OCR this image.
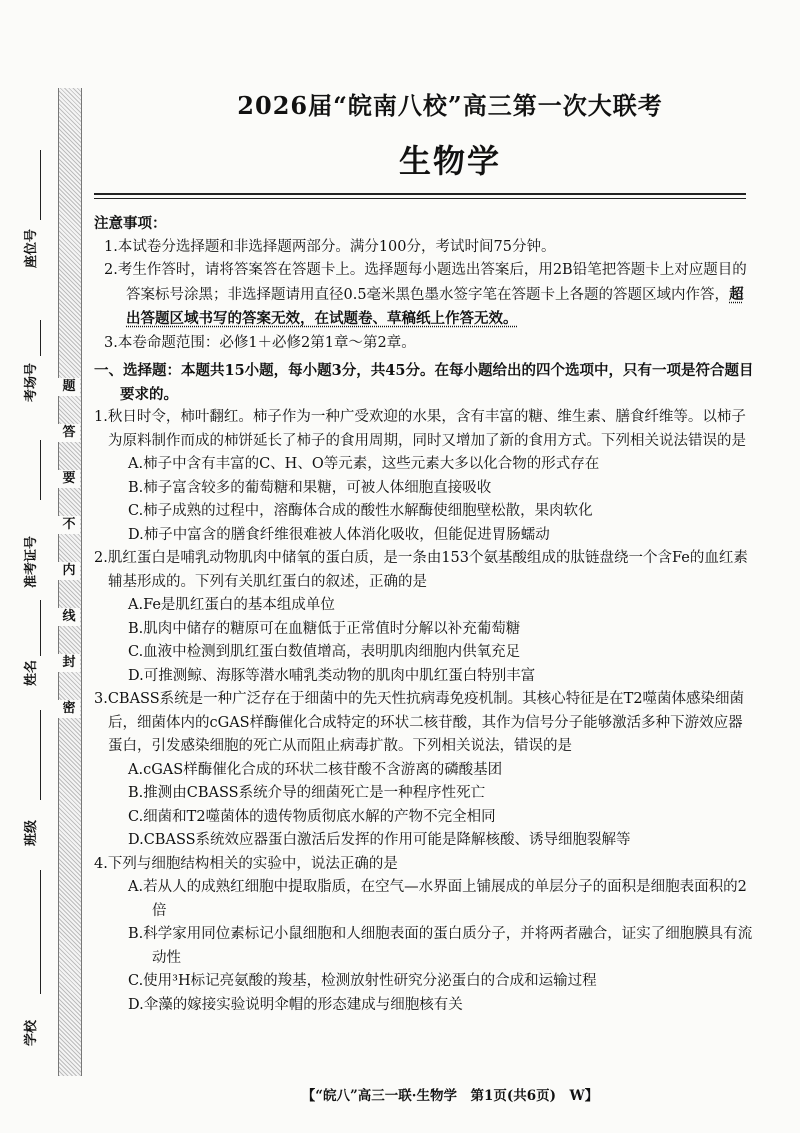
题
答
要
不
内
线
封
密
座位号
考场号
准考证号
姓名
班级
学校
2026届“皖南八校”高三第一次大联考
生物学

注意事项：

1.本试卷分选择题和非选择题两部分。满分100分，考试时间75分钟。

2.考生作答时，请将答案答在答题卡上。选择题每小题选出答案后，用2B铅笔把答题卡上对应题目的答案标号涂黑；非选择题请用直径0.5毫米黑色墨水签字笔在答题卡上各题的答题区域内作答，超出答题区域书写的答案无效，在试题卷、草稿纸上作答无效。

3.本卷命题范围：必修1＋必修2第1章～第2章。

一、选择题：本题共15小题，每小题3分，共45分。在每小题给出的四个选项中，只有一项是符合题目要求的。
1.秋日时令，柿叶翻红。柿子作为一种广受欢迎的水果，含有丰富的糖、维生素、膳食纤维等。以柿子为原料制作而成的柿饼延长了柿子的食用周期，同时又增加了新的食用方式。下列相关说法错误的是
A.柿子中含有丰富的C、H、O等元素，这些元素大多以化合物的形式存在
B.柿子富含较多的葡萄糖和果糖，可被人体细胞直接吸收
C.柿子成熟的过程中，溶酶体合成的酸性水解酶使细胞壁松散，果肉软化
D.柿子中富含的膳食纤维很难被人体消化吸收，但能促进胃肠蠕动
2.肌红蛋白是哺乳动物肌肉中储氧的蛋白质，是一条由153个氨基酸组成的肽链盘绕一个含Fe的血红素辅基形成的。下列有关肌红蛋白的叙述，正确的是
A.Fe是肌红蛋白的基本组成单位
B.肌肉中储存的糖原可在血糖低于正常值时分解以补充葡萄糖
C.血液中检测到肌红蛋白数值增高，表明肌肉细胞内供氧充足
D.可推测鲸、海豚等潜水哺乳类动物的肌肉中肌红蛋白特别丰富
3.CBASS系统是一种广泛存在于细菌中的先天性抗病毒免疫机制。其核心特征是在T2噬菌体感染细菌后，细菌体内的cGAS样酶催化合成特定的环状二核苷酸，其作为信号分子能够激活多种下游效应器蛋白，引发感染细胞的死亡从而阻止病毒扩散。下列相关说法，错误的是
A.cGAS样酶催化合成的环状二核苷酸不含游离的磷酸基团
B.推测由CBASS系统介导的细菌死亡是一种程序性死亡
C.细菌和T2噬菌体的遗传物质彻底水解的产物不完全相同
D.CBASS系统效应器蛋白激活后发挥的作用可能是降解核酸、诱导细胞裂解等
4.下列与细胞结构相关的实验中，说法正确的是
A.若从人的成熟红细胞中提取脂质，在空气—水界面上铺展成的单层分子的面积是细胞表面积的2倍
B.科学家用同位素标记小鼠细胞和人细胞表面的蛋白质分子，并将两者融合，证实了细胞膜具有流动性
C.使用³H标记亮氨酸的羧基，检测放射性研究分泌蛋白的合成和运输过程
D.伞藻的嫁接实验说明伞帽的形态建成与细胞核有关
【“皖八”高三一联·生物学　第1页(共6页)　W】
